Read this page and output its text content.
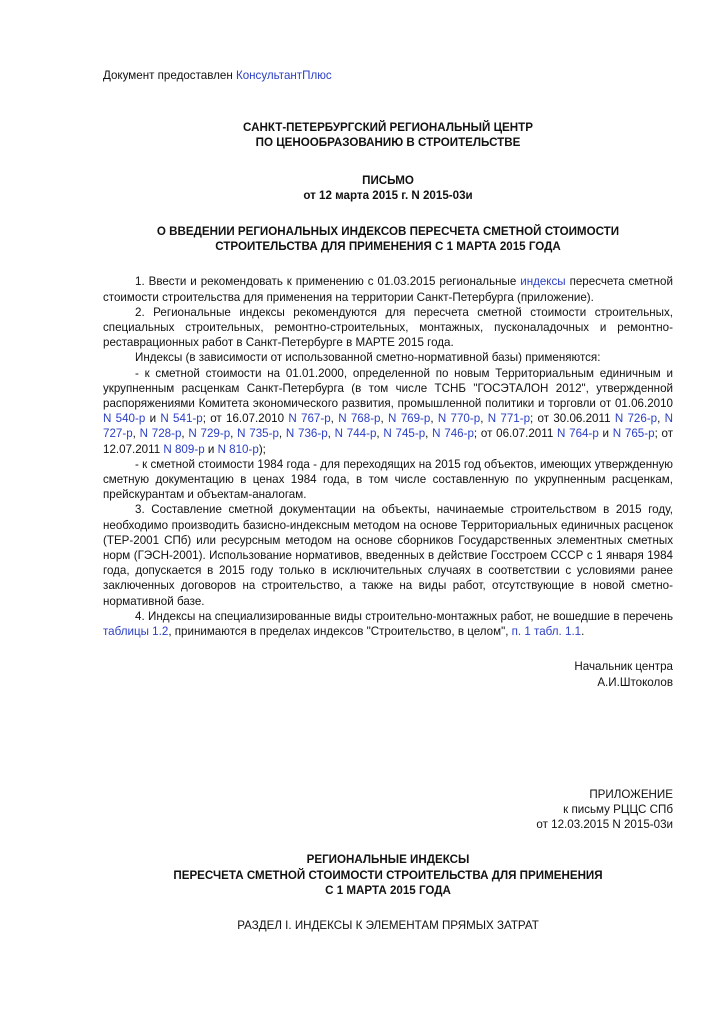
Документ предоставлен КонсультантПлюс
САНКТ-ПЕТЕРБУРГСКИЙ РЕГИОНАЛЬНЫЙ ЦЕНТР
ПО ЦЕНООБРАЗОВАНИЮ В СТРОИТЕЛЬСТВЕ
ПИСЬМО
от 12 марта 2015 г. N 2015-03и
О ВВЕДЕНИИ РЕГИОНАЛЬНЫХ ИНДЕКСОВ ПЕРЕСЧЕТА СМЕТНОЙ СТОИМОСТИ
СТРОИТЕЛЬСТВА ДЛЯ ПРИМЕНЕНИЯ С 1 МАРТА 2015 ГОДА

1. Ввести и рекомендовать к применению с 01.03.2015 региональные индексы пересчета сметной стоимости строительства для применения на территории Санкт-Петербурга (приложение).

2. Региональные индексы рекомендуются для пересчета сметной стоимости строительных, специальных строительных, ремонтно-строительных, монтажных, пусконаладочных и ремонтно-реставрационных работ в Санкт-Петербурге в МАРТЕ 2015 года.

Индексы (в зависимости от использованной сметно-нормативной базы) применяются:

- к сметной стоимости на 01.01.2000, определенной по новым Территориальным единичным и укрупненным расценкам Санкт-Петербурга (в том числе ТСНБ "ГОСЭТАЛОН 2012", утвержденной распоряжениями Комитета экономического развития, промышленной политики и торговли от 01.06.2010 N 540-р и N 541-р; от 16.07.2010 N 767-р, N 768-р, N 769-р, N 770-р, N 771-р; от 30.06.2011 N 726-р, N 727-р, N 728-р, N 729-р, N 735-р, N 736-р, N 744-р, N 745-р, N 746-р; от 06.07.2011 N 764-р и N 765-р; от 12.07.2011 N 809-р и N 810-р);

- к сметной стоимости 1984 года - для переходящих на 2015 год объектов, имеющих утвержденную сметную документацию в ценах 1984 года, в том числе составленную по укрупненным расценкам, прейскурантам и объектам-аналогам.

3. Составление сметной документации на объекты, начинаемые строительством в 2015 году, необходимо производить базисно-индексным методом на основе Территориальных единичных расценок (ТЕР-2001 СПб) или ресурсным методом на основе сборников Государственных элементных сметных норм (ГЭСН-2001). Использование нормативов, введенных в действие Госстроем СССР с 1 января 1984 года, допускается в 2015 году только в исключительных случаях в соответствии с условиями ранее заключенных договоров на строительство, а также на виды работ, отсутствующие в новой сметно-нормативной базе.

4. Индексы на специализированные виды строительно-монтажных работ, не вошедшие в перечень таблицы 1.2, принимаются в пределах индексов "Строительство, в целом", п. 1 табл. 1.1.

Начальник центра
А.И.Штоколов
ПРИЛОЖЕНИЕ
к письму РЦЦС СПб
от 12.03.2015 N 2015-03и
РЕГИОНАЛЬНЫЕ ИНДЕКСЫ
ПЕРЕСЧЕТА СМЕТНОЙ СТОИМОСТИ СТРОИТЕЛЬСТВА ДЛЯ ПРИМЕНЕНИЯ
С 1 МАРТА 2015 ГОДА
РАЗДЕЛ I. ИНДЕКСЫ К ЭЛЕМЕНТАМ ПРЯМЫХ ЗАТРАТ
